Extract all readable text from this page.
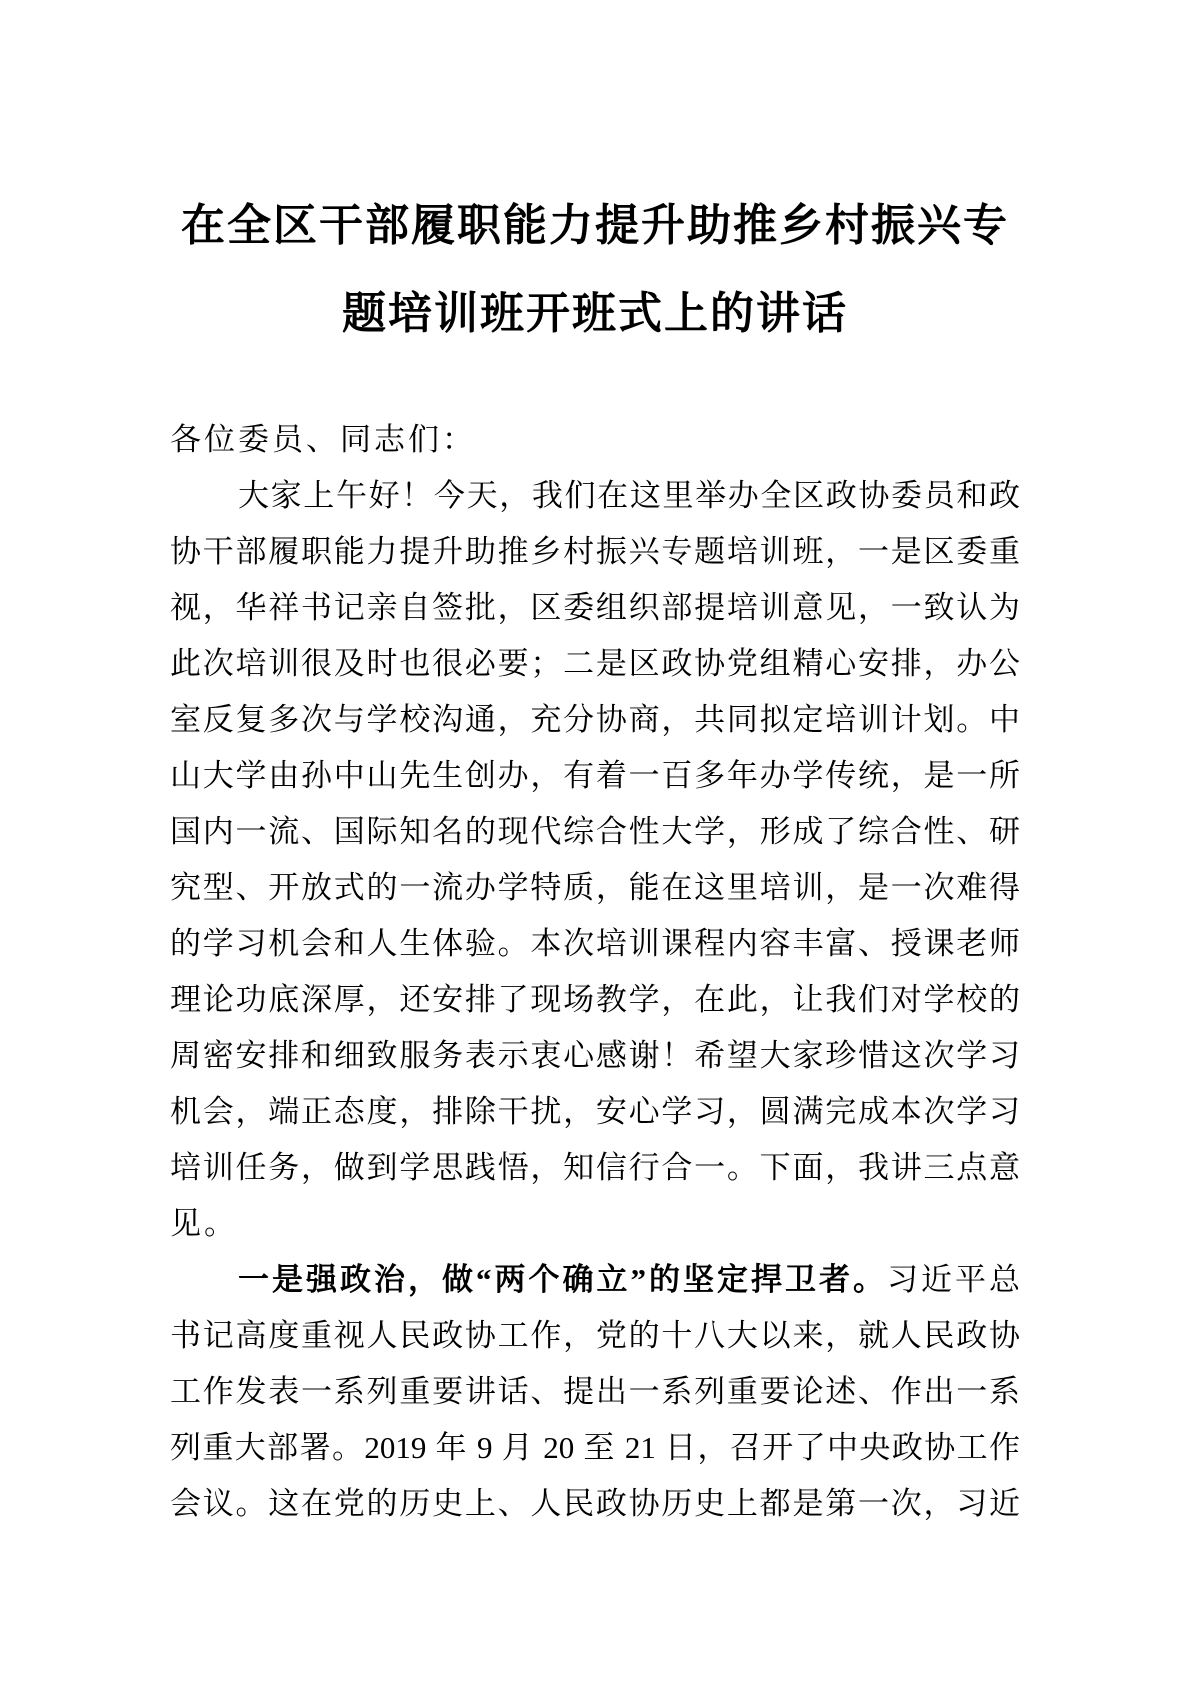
在全区干部履职能力提升助推乡村振兴专
题培训班开班式上的讲话
各位委员、同志们：
大家上午好！今天，我们在这里举办全区政协委员和政
协干部履职能力提升助推乡村振兴专题培训班，一是区委重
视，华祥书记亲自签批，区委组织部提培训意见，一致认为
此次培训很及时也很必要；二是区政协党组精心安排，办公
室反复多次与学校沟通，充分协商，共同拟定培训计划。中
山大学由孙中山先生创办，有着一百多年办学传统，是一所
国内一流、国际知名的现代综合性大学，形成了综合性、研
究型、开放式的一流办学特质，能在这里培训，是一次难得
的学习机会和人生体验。本次培训课程内容丰富、授课老师
理论功底深厚，还安排了现场教学，在此，让我们对学校的
周密安排和细致服务表示衷心感谢！希望大家珍惜这次学习
机会，端正态度，排除干扰，安心学习，圆满完成本次学习
培训任务，做到学思践悟，知信行合一。下面，我讲三点意
见。
一是强政治，做“两个确立”的坚定捍卫者。习近平总
书记高度重视人民政协工作，党的十八大以来，就人民政协
工作发表一系列重要讲话、提出一系列重要论述、作出一系
列重大部署。2019 年 9 月 20 至 21 日，召开了中央政协工作
会议。这在党的历史上、人民政协历史上都是第一次，习近
